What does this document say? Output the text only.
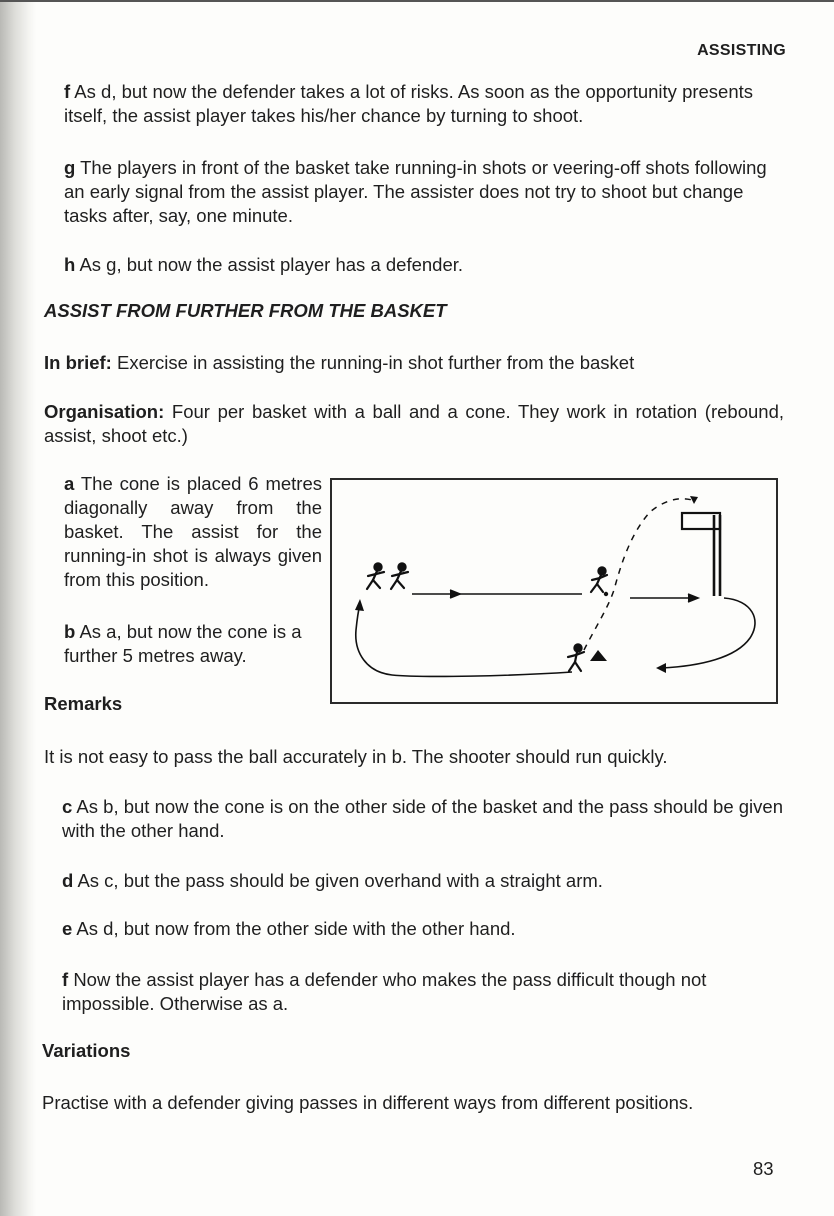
ASSISTING
f As d, but now the defender takes a lot of risks. As soon as the opportunity presents itself, the assist player takes his/her chance by turning to shoot.
g The players in front of the basket take running-in shots or veering-off shots following an early signal from the assist player. The assister does not try to shoot but change tasks after, say, one minute.
h As g, but now the assist player has a defender.
ASSIST FROM FURTHER FROM THE BASKET
In brief: Exercise in assisting the running-in shot further from the basket
Organisation: Four per basket with a ball and a cone. They work in rotation (rebound, assist, shoot etc.)
a The cone is placed 6 metres diagonally away from the basket. The assist for the running-in shot is always given from this position.
b As a, but now the cone is a further 5 metres away.
Remarks
It is not easy to pass the ball accurately in b. The shooter should run quickly.
c As b, but now the cone is on the other side of the basket and the pass should be given with the other hand.
d As c, but the pass should be given overhand with a straight arm.
e As d, but now from the other side with the other hand.
f Now the assist player has a defender who makes the pass difficult though not impossible. Otherwise as a.
Variations
Practise with a defender giving passes in different ways from different positions.
83
